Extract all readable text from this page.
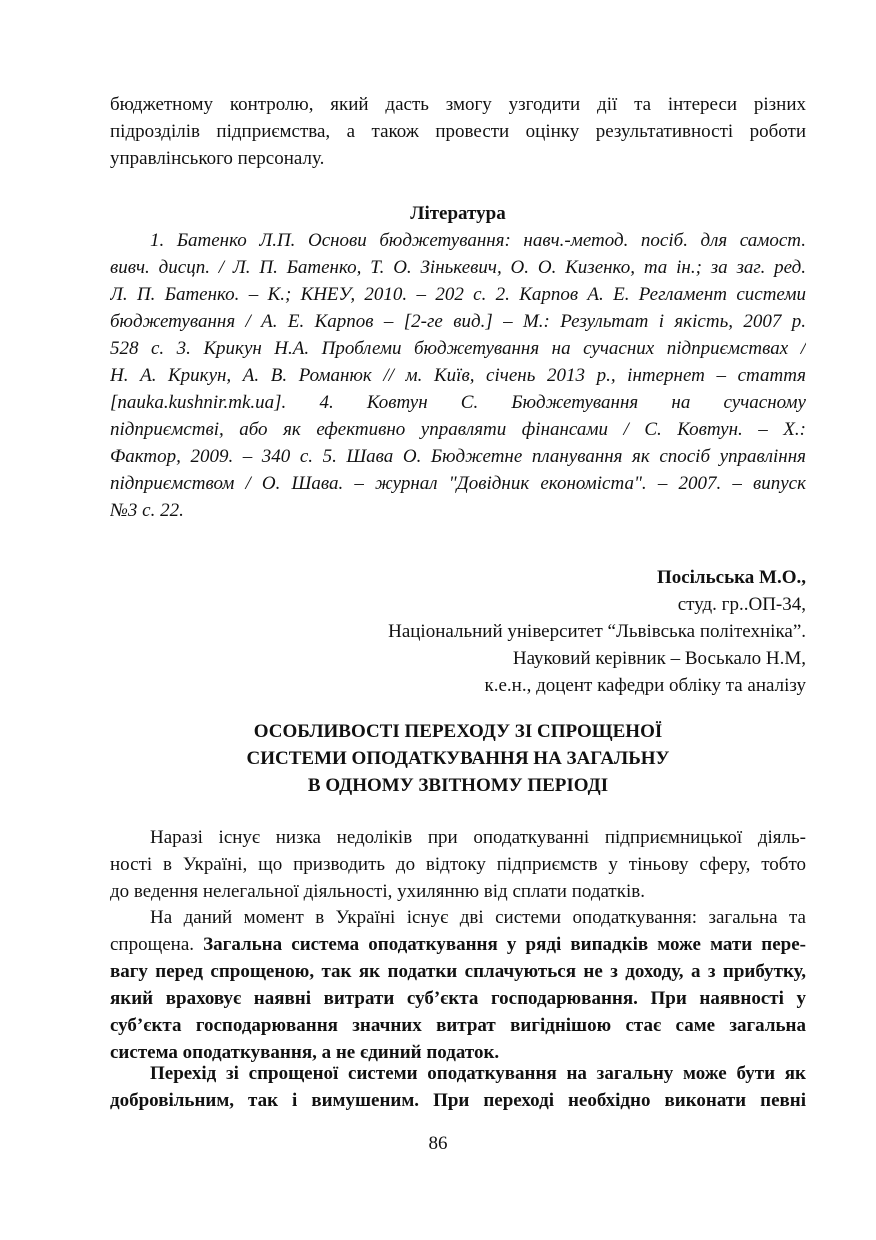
бюджетному контролю, який дасть змогу узгодити дії та інтереси різних
підрозділів підприємства, а також провести оцінку результативності роботи
управлінського персоналу.
Література
1. Батенко Л.П. Основи бюджетування: навч.-метод. посіб. для самост.
вивч. дисцп. / Л. П. Батенко, Т. О. Зінькевич, О. О. Кизенко, та ін.; за заг. ред.
Л. П. Батенко. – К.; КНЕУ, 2010. – 202 с. 2. Карпов А. Е. Регламент системи
бюджетування / А. Е. Карпов – [2-ге вид.] – М.: Результат і якість, 2007 р.
528 с. 3. Крикун Н.А. Проблеми бюджетування на сучасних підприємствах /
Н. А. Крикун, А. В. Романюк // м. Київ, січень 2013 р., інтернет – стаття
[naиka.kushnir.mk.иa]. 4. Ковтун С. Бюджетування на сучасному
підприємстві, або як ефективно управляти фінансами / С. Ковтун. – Х.:
Фактор, 2009. – 340 с. 5. Шава О. Бюджетне планування як спосіб управління
підприємством / О. Шава. – журнал "Довідник економіста". – 2007. – випуск
№3 с. 22.
Посільська М.О.,
студ. гр..ОП-34,
Національний університет “Львівська політехніка”.
Науковий керівник – Воськало Н.М,
к.е.н., доцент кафедри обліку та аналізу
ОСОБЛИВОСТІ ПЕРЕХОДУ ЗІ СПРОЩЕНОЇ
СИСТЕМИ ОПОДАТКУВАННЯ НА ЗАГАЛЬНУ
В ОДНОМУ ЗВІТНОМУ ПЕРІОДІ
Наразі існує низка недоліків при оподаткуванні підприємницької діяль-
ності в Україні, що призводить до відтоку підприємств у тіньову сферу, тобто
до ведення нелегальної діяльності, ухилянню від сплати податків.
На даний момент в Україні існує дві системи оподаткування: загальна та
спрощена. Загальна система оподаткування у ряді випадків може мати пере-
вагу перед спрощеною, так як податки сплачуються не з доходу, а з прибутку,
який враховує наявні витрати суб’єкта господарювання. При наявності у
суб’єкта господарювання значних витрат вигіднішою стає саме загальна
система оподаткування, а не єдиний податок.
Перехід зі спрощеної системи оподаткування на загальну може бути як
добровільним, так і вимушеним. При переході необхідно виконати певні
86
